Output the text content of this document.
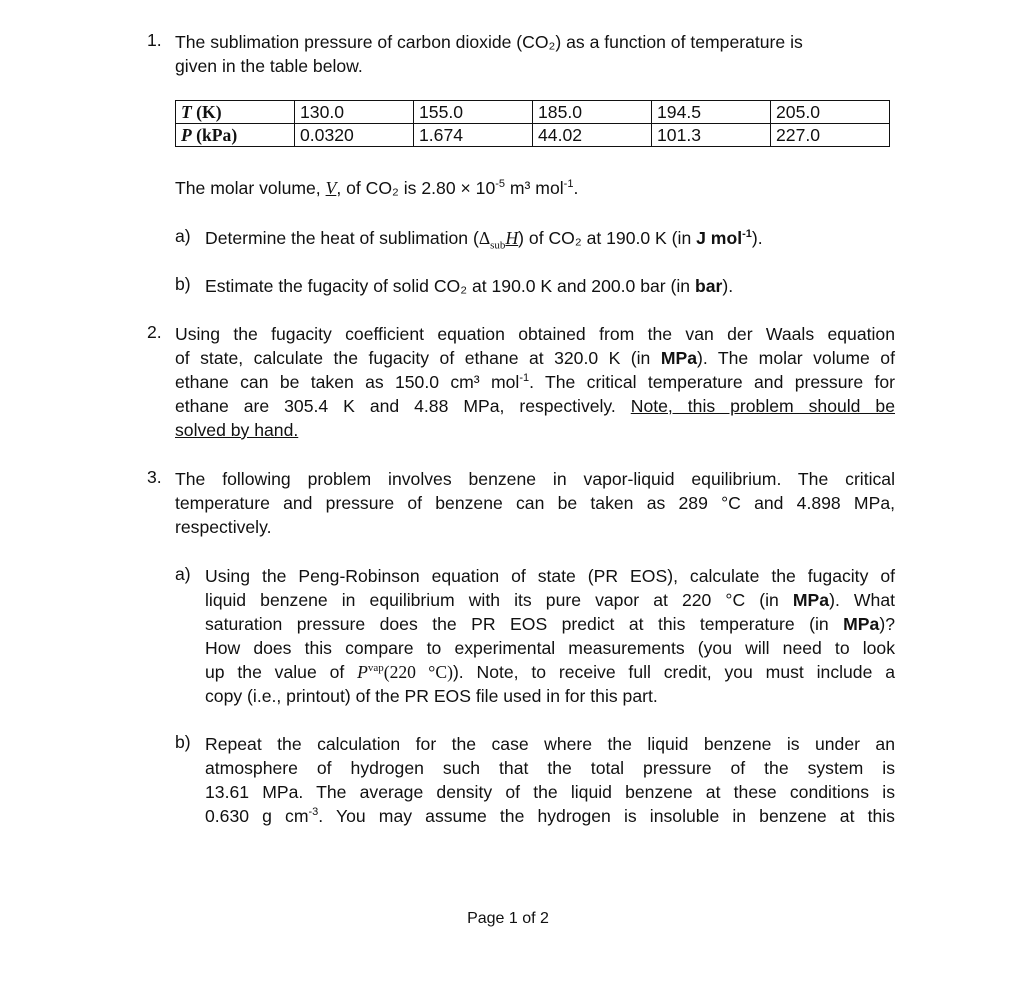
1. The sublimation pressure of carbon dioxide (CO₂) as a function of temperature is
given in the table below.
T (K)	130.0	155.0	185.0	194.5	205.0
P (kPa)	0.0320	1.674	44.02	101.3	227.0
The molar volume, V, of CO₂ is $2.80 \times 10^{-5}$ m³ mol$^{-1}$.
a) Determine the heat of sublimation $(\Delta_{sub}H)$ of CO₂ at 190.0 K (in J mol$^{-1}$).
b) Estimate the fugacity of solid CO₂ at 190.0 K and 200.0 bar (in bar).
2. Using the fugacity coefficient equation obtained from the van der Waals equation
of state, calculate the fugacity of ethane at 320.0 K (in MPa). The molar volume of
ethane can be taken as 150.0 cm³ mol$^{-1}$. The critical temperature and pressure for
ethane are 305.4 K and 4.88 MPa, respectively. Note, this problem should be
solved by hand.
3. The following problem involves benzene in vapor-liquid equilibrium. The critical
temperature and pressure of benzene can be taken as 289 °C and 4.898 MPa,
respectively.
a) Using the Peng-Robinson equation of state (PR EOS), calculate the fugacity of
liquid benzene in equilibrium with its pure vapor at 220 °C (in MPa). What
saturation pressure does the PR EOS predict at this temperature (in MPa)?
How does this compare to experimental measurements (you will need to look
up the value of $P^{vap}(220$ °C)). Note, to receive full credit, you must include a
copy (i.e., printout) of the PR EOS file used in for this part.
b) Repeat the calculation for the case where the liquid benzene is under an
atmosphere of hydrogen such that the total pressure of the system is
13.61 MPa. The average density of the liquid benzene at these conditions is
0.630 g $cm^{-3}$. You may assume the hydrogen is insoluble in benzene at this
Page 1 of 2
